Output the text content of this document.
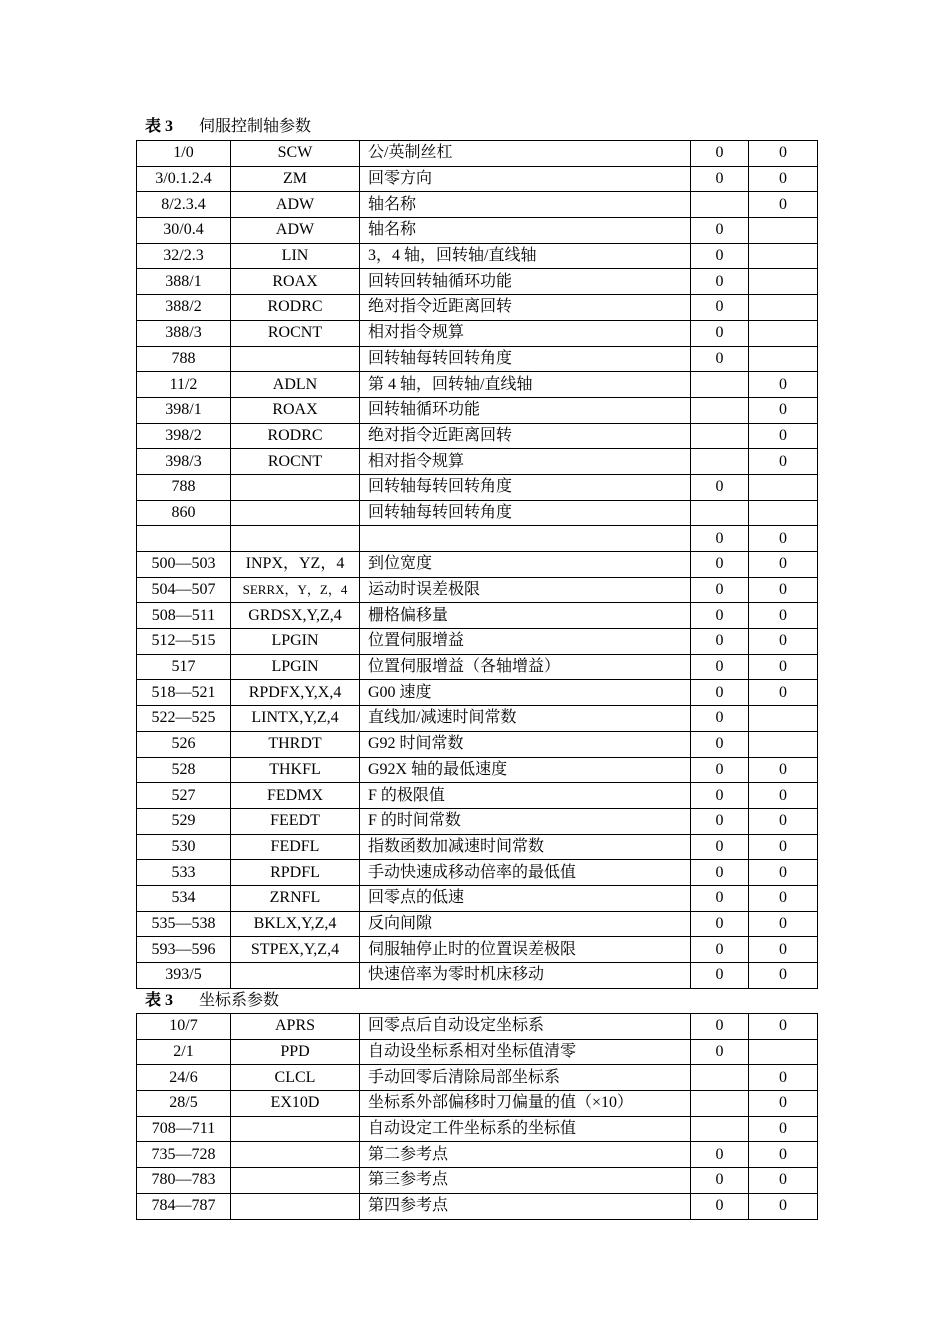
表 3 伺服控制轴参数
1/0	SCW	公/英制丝杠	0	0
3/0.1.2.4	ZM	回零方向	0	0
8/2.3.4	ADW	轴名称		0
30/0.4	ADW	轴名称	0	
32/2.3	LIN	3，4 轴，回转轴/直线轴	0	
388/1	ROAX	回转回转轴循环功能	0	
388/2	RODRC	绝对指令近距离回转	0	
388/3	ROCNT	相对指令规算	0	
788		回转轴每转回转角度	0	
11/2	ADLN	第 4 轴，回转轴/直线轴		0
398/1	ROAX	回转轴循环功能		0
398/2	RODRC	绝对指令近距离回转		0
398/3	ROCNT	相对指令规算		0
788		回转轴每转回转角度	0	
860		回转轴每转回转角度		
			0	0
500—503	INPX，YZ，4	到位宽度	0	0
504—507	SERRX，Y，Z，4	运动时误差极限	0	0
508—511	GRDSX,Y,Z,4	栅格偏移量	0	0
512—515	LPGIN	位置伺服增益	0	0
517	LPGIN	位置伺服增益（各轴增益）	0	0
518—521	RPDFX,Y,X,4	G00 速度	0	0
522—525	LINTX,Y,Z,4	直线加/减速时间常数	0	
526	THRDT	G92 时间常数	0	
528	THKFL	G92X 轴的最低速度	0	0
527	FEDMX	F 的极限值	0	0
529	FEEDT	F 的时间常数	0	0
530	FEDFL	指数函数加减速时间常数	0	0
533	RPDFL	手动快速成移动倍率的最低值	0	0
534	ZRNFL	回零点的低速	0	0
535—538	BKLX,Y,Z,4	反向间隙	0	0
593—596	STPEX,Y,Z,4	伺服轴停止时的位置误差极限	0	0
393/5		快速倍率为零时机床移动	0	0
表 3 坐标系参数
10/7	APRS	回零点后自动设定坐标系	0	0
2/1	PPD	自动设坐标系相对坐标值清零	0	
24/6	CLCL	手动回零后清除局部坐标系		0
28/5	EX10D	坐标系外部偏移时刀偏量的值（×10）		0
708—711		自动设定工件坐标系的坐标值		0
735—728		第二参考点	0	0
780—783		第三参考点	0	0
784—787		第四参考点	0	0
